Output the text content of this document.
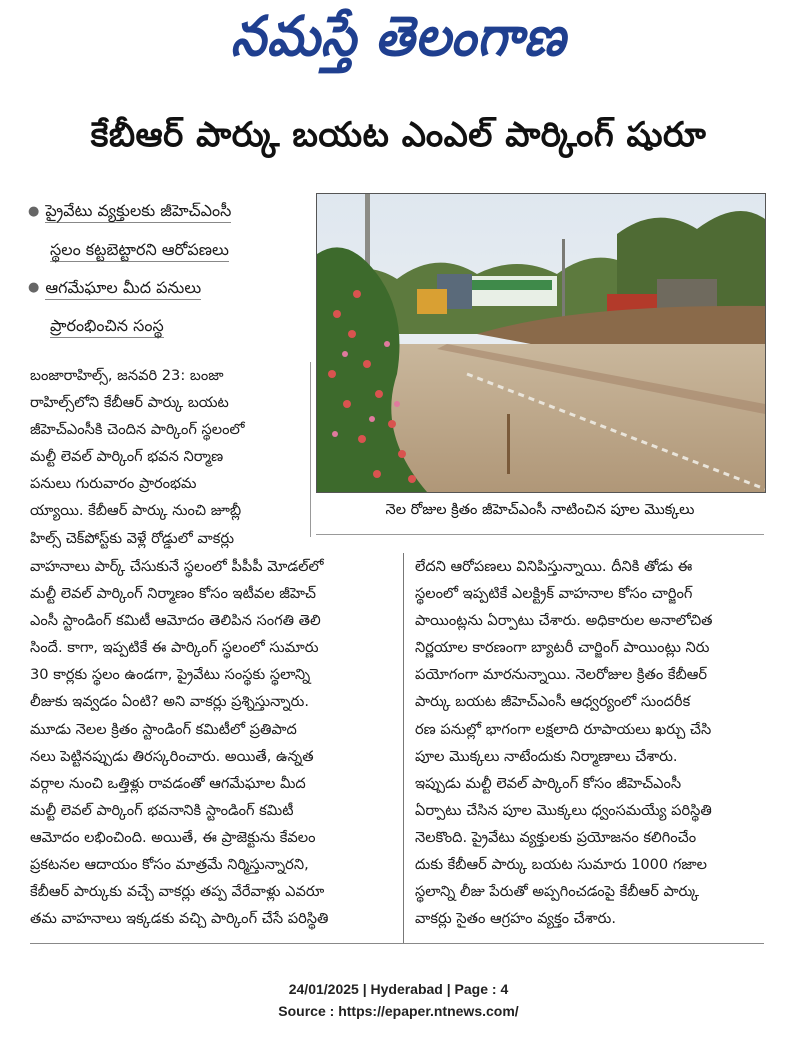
నమస్తే తెలంగాణ
కేబీఆర్ పార్కు బయట ఎంఎల్ పార్కింగ్ షురూ
● ప్రైవేటు వ్యక్తులకు జీహెచ్ఎంసీ
స్థలం కట్టబెట్టారని ఆరోపణలు
● ఆగమేఘాల మీద పనులు
ప్రారంభించిన సంస్థ
నెల రోజుల క్రితం జీహెచ్ఎంసీ నాటించిన పూల మొక్కలు
బంజారాహిల్స్, జనవరి 23: బంజా
రాహిల్స్‌లోని కేబీఆర్ పార్కు బయట
జీహెచ్ఎంసీకి చెందిన పార్కింగ్ స్థలంలో
మల్టీ లెవల్ పార్కింగ్ భవన నిర్మాణ
పనులు గురువారం ప్రారంభమ
య్యాయి. కేబీఆర్ పార్కు నుంచి జూబ్లీ
హిల్స్ చెక్‌పోస్ట్‌కు వెళ్లే రోడ్డులో వాకర్లు
వాహనాలు పార్క్ చేసుకునే స్థలంలో పీపీపీ మోడల్‌లో
మల్టీ లెవల్ పార్కింగ్ నిర్మాణం కోసం ఇటీవల జీహెచ్
ఎంసీ స్టాండింగ్ కమిటీ ఆమోదం తెలిపిన సంగతి తెలి
సిందే. కాగా, ఇప్పటికే ఈ పార్కింగ్ స్థలంలో సుమారు
30 కార్లకు స్థలం ఉండగా, ప్రైవేటు సంస్థకు స్థలాన్ని
లీజుకు ఇవ్వడం ఏంటి? అని వాకర్లు ప్రశ్నిస్తున్నారు.
మూడు నెలల క్రితం స్టాండింగ్ కమిటీలో ప్రతిపాద
నలు పెట్టినప్పుడు తిరస్కరించారు. అయితే, ఉన్నత
వర్గాల నుంచి ఒత్తిళ్లు రావడంతో ఆగమేఘాల మీద
మల్టీ లెవల్ పార్కింగ్ భవనానికి స్టాండింగ్ కమిటీ
ఆమోదం లభించింది. అయితే, ఈ ప్రాజెక్టును కేవలం
ప్రకటనల ఆదాయం కోసం మాత్రమే నిర్మిస్తున్నారని,
కేబీఆర్ పార్కుకు వచ్చే వాకర్లు తప్ప వేరేవాళ్లు ఎవరూ
తమ వాహనాలు ఇక్కడకు వచ్చి పార్కింగ్ చేసే పరిస్థితి
లేదని ఆరోపణలు వినిపిస్తున్నాయి. దీనికి తోడు ఈ
స్థలంలో ఇప్పటికే ఎలక్ట్రిక్ వాహనాల కోసం చార్జింగ్
పాయింట్లను ఏర్పాటు చేశారు. అధికారుల అనాలోచిత
నిర్ణయాల కారణంగా బ్యాటరీ చార్జింగ్ పాయింట్లు నిరు
పయోగంగా మారనున్నాయి. నెలరోజుల క్రితం కేబీఆర్
పార్కు బయట జీహెచ్ఎంసీ ఆధ్వర్యంలో సుందరీక
రణ పనుల్లో భాగంగా లక్షలాది రూపాయలు ఖర్చు చేసి
పూల మొక్కలు నాటేందుకు నిర్మాణాలు చేశారు.
ఇప్పుడు మల్టీ లెవల్ పార్కింగ్ కోసం జీహెచ్ఎంసీ
ఏర్పాటు చేసిన పూల మొక్కలు ధ్వంసమయ్యే పరిస్థితి
నెలకొంది. ప్రైవేటు వ్యక్తులకు ప్రయోజనం కలిగించేం
దుకు కేబీఆర్ పార్కు బయట సుమారు 1000 గజాల
స్థలాన్ని లీజు పేరుతో అప్పగించడంపై కేబీఆర్ పార్కు
వాకర్లు సైతం ఆగ్రహం వ్యక్తం చేశారు.
24/01/2025 | Hyderabad | Page : 4
Source : https://epaper.ntnews.com/
